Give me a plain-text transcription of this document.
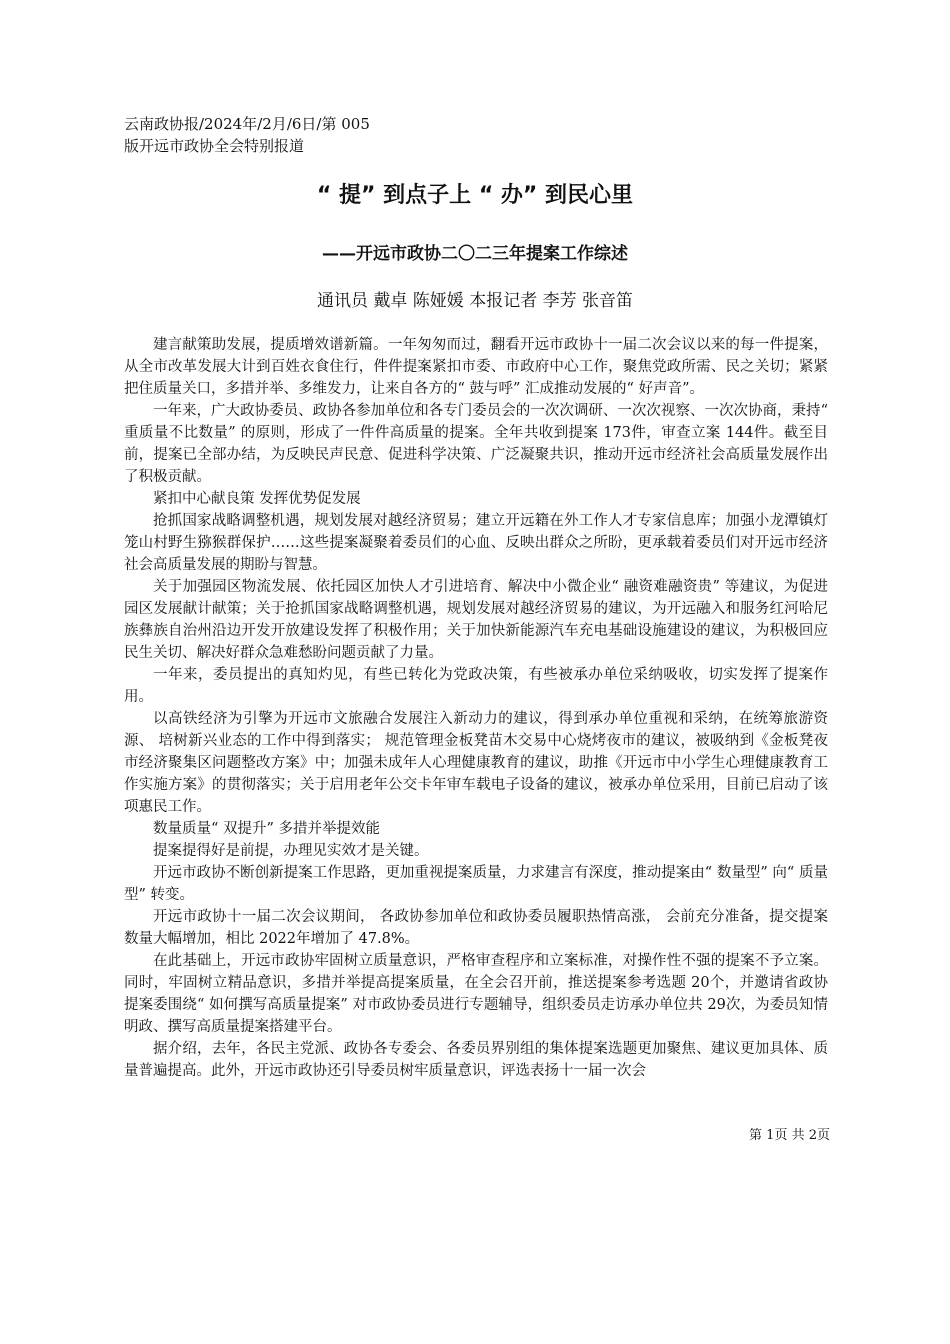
云南政协报/2024年/2月/6日/第 005
版开远市政协全会特别报道
“ 提” 到点子上 “ 办” 到民心里
——开远市政协二〇二三年提案工作综述
通讯员 戴卓 陈娅媛 本报记者 李芳 张音笛

建言献策助发展，提质增效谱新篇。一年匆匆而过，翻看开远市政协十一届二次会议以来的每一件提案，从全市改革发展大计到百姓衣食住行，件件提案紧扣市委、市政府中心工作，聚焦党政所需、民之关切；紧紧把住质量关口，多措并举、多维发力，让来自各方的“ 鼓与呼” 汇成推动发展的“ 好声音”。

一年来，广大政协委员、政协各参加单位和各专门委员会的一次次调研、一次次视察、一次次协商，秉持“ 重质量不比数量” 的原则，形成了一件件高质量的提案。全年共收到提案 173件，审查立案 144件。截至目前，提案已全部办结，为反映民声民意、促进科学决策、广泛凝聚共识，推动开远市经济社会高质量发展作出了积极贡献。

紧扣中心献良策 发挥优势促发展

抢抓国家战略调整机遇，规划发展对越经济贸易；建立开远籍在外工作人才专家信息库；加强小龙潭镇灯笼山村野生猕猴群保护……这些提案凝聚着委员们的心血、反映出群众之所盼，更承载着委员们对开远市经济社会高质量发展的期盼与智慧。

关于加强园区物流发展、依托园区加快人才引进培育、解决中小微企业“ 融资难融资贵” 等建议，为促进园区发展献计献策；关于抢抓国家战略调整机遇，规划发展对越经济贸易的建议，为开远融入和服务红河哈尼族彝族自治州沿边开发开放建设发挥了积极作用；关于加快新能源汽车充电基础设施建设的建议，为积极回应民生关切、解决好群众急难愁盼问题贡献了力量。

一年来，委员提出的真知灼见，有些已转化为党政决策，有些被承办单位采纳吸收，切实发挥了提案作用。

以高铁经济为引擎为开远市文旅融合发展注入新动力的建议，得到承办单位重视和采纳，在统筹旅游资源、 培树新兴业态的工作中得到落实； 规范管理金板凳苗木交易中心烧烤夜市的建议，被吸纳到《金板凳夜市经济聚集区问题整改方案》中；加强未成年人心理健康教育的建议，助推《开远市中小学生心理健康教育工作实施方案》的贯彻落实；关于启用老年公交卡年审车载电子设备的建议，被承办单位采用，目前已启动了该项惠民工作。

数量质量“ 双提升” 多措并举提效能

提案提得好是前提，办理见实效才是关键。

开远市政协不断创新提案工作思路，更加重视提案质量，力求建言有深度，推动提案由“ 数量型” 向“ 质量型” 转变。

开远市政协十一届二次会议期间， 各政协参加单位和政协委员履职热情高涨， 会前充分准备，提交提案数量大幅增加，相比 2022年增加了 47.8%。

在此基础上，开远市政协牢固树立质量意识，严格审查程序和立案标准，对操作性不强的提案不予立案。同时，牢固树立精品意识，多措并举提高提案质量，在全会召开前，推送提案参考选题 20个，并邀请省政协提案委围绕“ 如何撰写高质量提案” 对市政协委员进行专题辅导，组织委员走访承办单位共 29次，为委员知情明政、撰写高质量提案搭建平台。

据介绍，去年，各民主党派、政协各专委会、各委员界别组的集体提案选题更加聚焦、建议更加具体、质量普遍提高。此外，开远市政协还引导委员树牢质量意识，评选表扬十一届一次会

第 1页 共 2页
